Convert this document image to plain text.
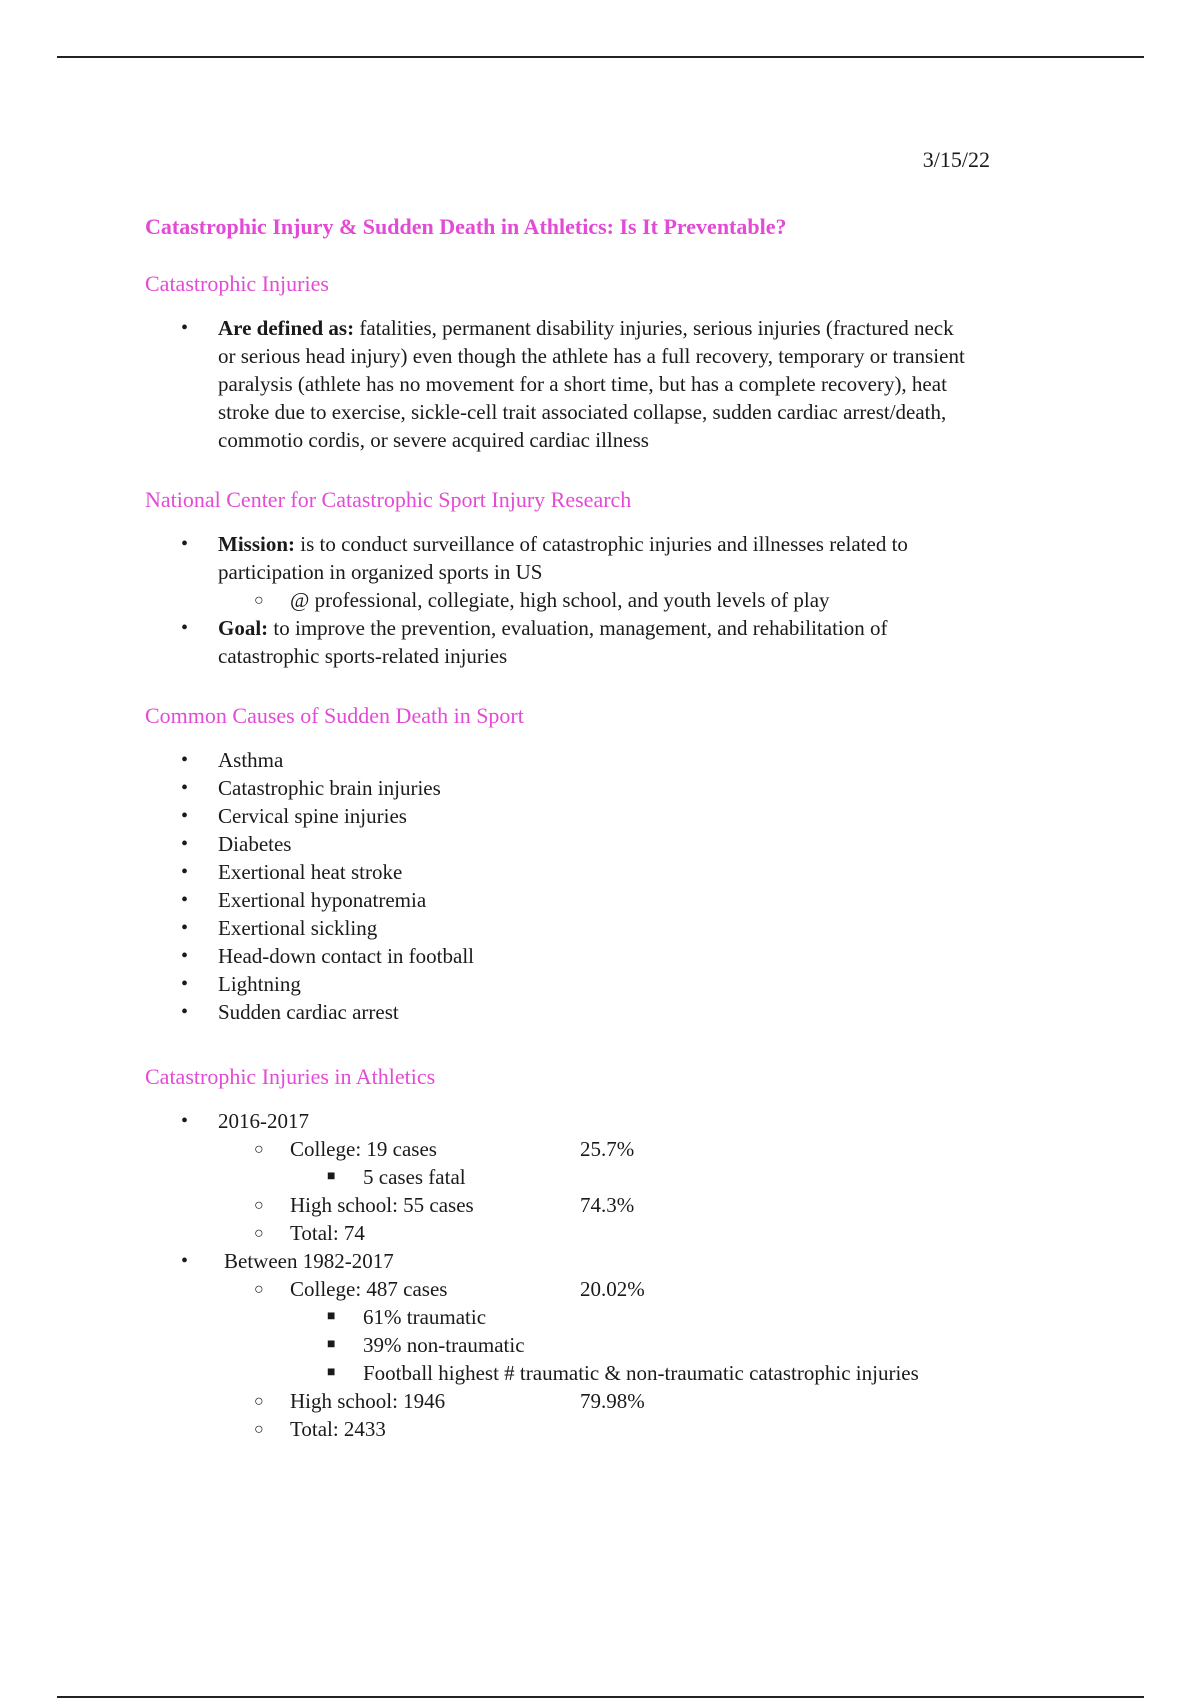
3/15/22
Catastrophic Injury & Sudden Death in Athletics: Is It Preventable?
Catastrophic Injuries
• Are defined as: fatalities, permanent disability injuries, serious injuries (fractured neck
or serious head injury) even though the athlete has a full recovery, temporary or transient
paralysis (athlete has no movement for a short time, but has a complete recovery), heat
stroke due to exercise, sickle-cell trait associated collapse, sudden cardiac arrest/death,
commotio cordis, or severe acquired cardiac illness
National Center for Catastrophic Sport Injury Research
• Mission: is to conduct surveillance of catastrophic injuries and illnesses related to
participation in organized sports in US
○ @ professional, collegiate, high school, and youth levels of play
• Goal: to improve the prevention, evaluation, management, and rehabilitation of
catastrophic sports-related injuries
Common Causes of Sudden Death in Sport
• Asthma
• Catastrophic brain injuries
• Cervical spine injuries
• Diabetes
• Exertional heat stroke
• Exertional hyponatremia
• Exertional sickling
• Head-down contact in football
• Lightning
• Sudden cardiac arrest
Catastrophic Injuries in Athletics
• 2016-2017
○ College: 19 cases	25.7%
■ 5 cases fatal
○ High school: 55 cases	74.3%
○ Total: 74
• Between 1982-2017
○ College: 487 cases	20.02%
■ 61% traumatic
■ 39% non-traumatic
■ Football highest # traumatic & non-traumatic catastrophic injuries
○ High school: 1946	79.98%
○ Total: 2433
